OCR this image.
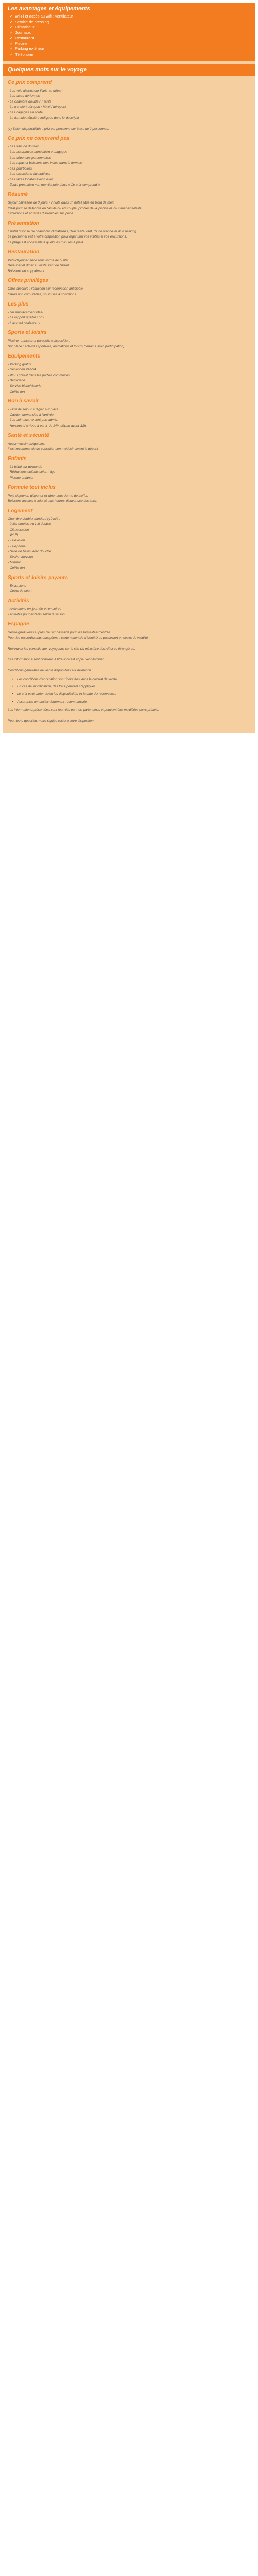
Les avantages et équipements
✓ Wi-Fi et accès au wifi : Ventilateur
✓ Service de pressing
✓ Climatiseur
✓ Journaux
✓ Restaurant
✓ Piscine
✓ Parking extérieur
✓ Téléphone
Quelques mots sur le voyage
Ce prix comprend

- Les vols aller/retour Paris au départ
- Les taxes aériennes
- La chambre double / 7 nuits
- Le transfert aéroport / hôtel / aéroport
- Les bagages en soute
- La formule hôtelière indiquée dans le descriptif

(1) Selon disponibilités ; prix par personne sur base de 2 personnes.

Ce prix ne comprend pas

- Les frais de dossier
- Les assurances annulation et bagages
- Les dépenses personnelles
- Les repas et boissons non inclus dans la formule
- Les pourboires
- Les excursions facultatives
- Les taxes locales éventuelles
- Toute prestation non mentionnée dans « Ce prix comprend »

Résumé

Séjour balnéaire de 8 jours / 7 nuits dans un hôtel situé en bord de mer.
Idéal pour se détendre en famille ou en couple, profiter de la piscine et du climat ensoleillé.
Excursions et activités disponibles sur place.

Présentation

L'hôtel dispose de chambres climatisées, d'un restaurant, d'une piscine et d'un parking.
Le personnel est à votre disposition pour organiser vos visites et vos excursions.
La plage est accessible à quelques minutes à pied.

Restauration

Petit-déjeuner servi sous forme de buffet.
Déjeuner et dîner au restaurant de l'hôtel.
Boissons en supplément.

Offres privilèges

Offre spéciale : réduction sur réservation anticipée.
Offres non cumulables, soumises à conditions.

Les plus

- Un emplacement idéal
- Le rapport qualité / prix
- L'accueil chaleureux

Sports et loisirs

Piscine, transats et parasols à disposition.
Sur place : activités sportives, animations et loisirs (certains avec participation).

Équipements

- Parking gratuit
- Réception 24h/24
- Wi-Fi gratuit dans les parties communes
- Bagagerie
- Service blanchisserie
- Coffre-fort

Bon à savoir

- Taxe de séjour à régler sur place.
- Caution demandée à l'arrivée.
- Les animaux ne sont pas admis.
- Horaires d'arrivée à partir de 14h, départ avant 12h.

Santé et sécurité

Aucun vaccin obligatoire.
Il est recommandé de consulter son médecin avant le départ.

Enfants

- Lit bébé sur demande
- Réductions enfants selon l'âge
- Piscine enfants

Formule tout inclus

Petit-déjeuner, déjeuner et dîner sous forme de buffet.
Boissons locales à volonté aux heures d'ouverture des bars.

Logement

Chambre double standard (19 m²) :
- 2 lits simples ou 1 lit double
- Climatisation
- Wi-Fi
- Télévision
- Téléphone
- Salle de bains avec douche
- Sèche-cheveux
- Minibar
- Coffre-fort

Sports et loisirs payants

- Excursions
- Cours de sport

Activités

- Animations en journée et en soirée
- Activités pour enfants selon la saison

Espagne

Renseignez-vous auprès de l'ambassade pour les formalités d'entrée.
Pour les ressortissants européens : carte nationale d'identité ou passeport en cours de validité.

Retrouvez les conseils aux voyageurs sur le site du ministère des Affaires étrangères.

Les informations sont données à titre indicatif et peuvent évoluer.

Conditions générales de vente disponibles sur demande.

• Les conditions d'annulation sont indiquées dans le contrat de vente.
• En cas de modification, des frais peuvent s'appliquer.
• Le prix peut varier selon les disponibilités et la date de réservation.
• Assurance annulation fortement recommandée.

Les informations présentées sont fournies par nos partenaires et peuvent être modifiées sans préavis.

Pour toute question, notre équipe reste à votre disposition.
